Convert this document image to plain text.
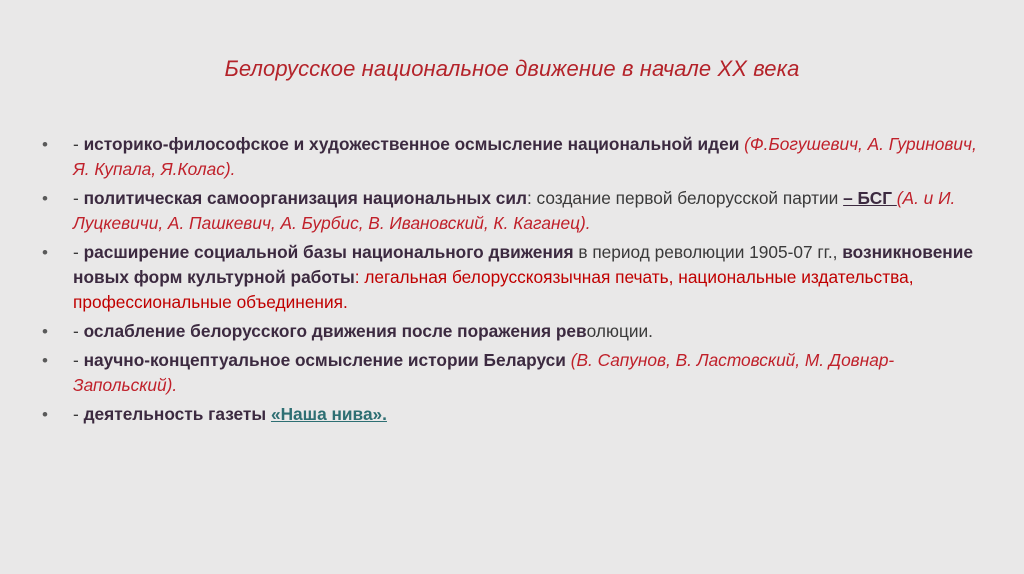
Белорусское национальное движение в начале XX века
• - историко-философское и художественное осмысление национальной идеи (Ф.Богушевич, А. Гуринович, Я. Купала, Я.Колас).
• - политическая самоорганизация национальных сил: создание первой белорусской партии – БСГ (А. и И. Луцкевичи, А. Пашкевич, А. Бурбис, В. Ивановский, К. Каганец).
• - расширение социальной базы национального движения в период революции 1905-07 гг., возникновение новых форм культурной работы: легальная белорусскоязычная печать, национальные издательства, профессиональные объединения.
• - ослабление белорусского движения после поражения революции.
• - научно-концептуальное осмысление истории Беларуси (В. Сапунов, В. Ластовский, М. Довнар-Запольский).
• - деятельность газеты «Наша нива».
